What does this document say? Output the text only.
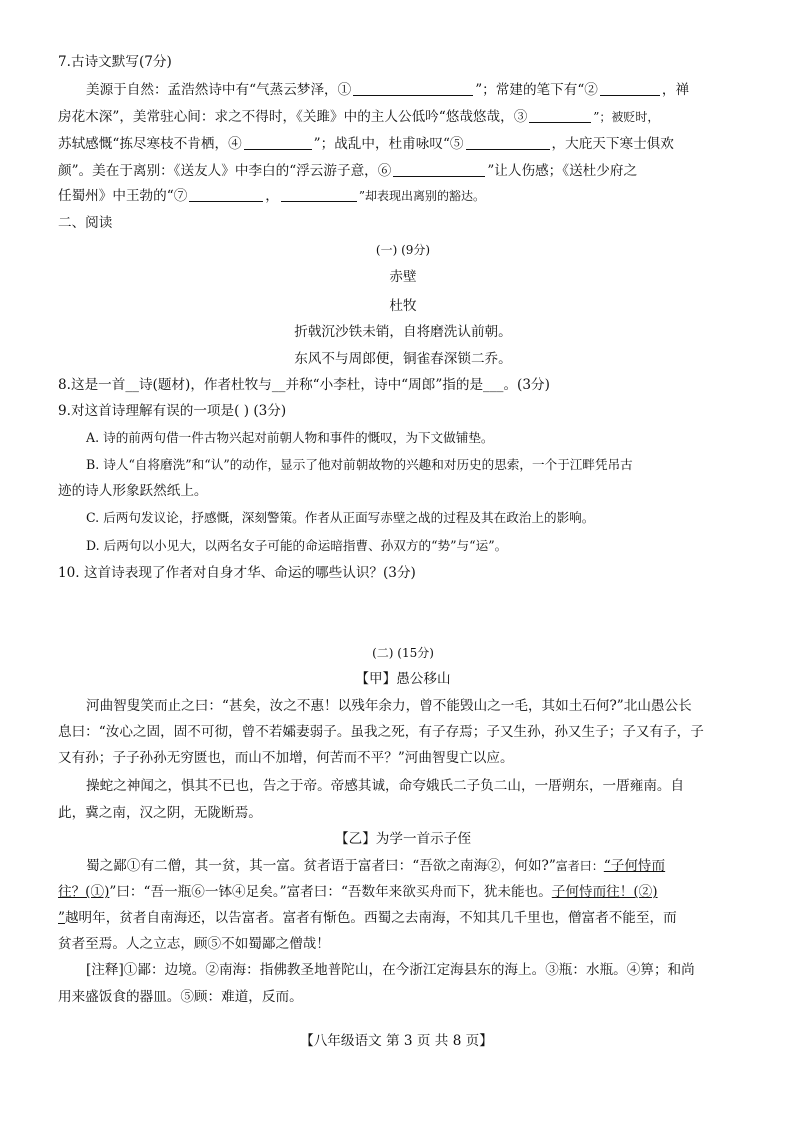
7.古诗文默写(7分)
美源于自然：孟浩然诗中有“气蒸云梦泽，①	”；常建的笔下有“②	，禅
房花木深”，美常驻心间：求之不得时，《关雎》中的主人公低吟“悠哉悠哉，③	”；被贬时，
苏轼感慨“拣尽寒枝不肯栖，④	”；战乱中，杜甫咏叹“⑤	，大庇天下寒士俱欢
颜”。美在于离别：《送友人》中李白的“浮云游子意，⑥	”让人伤感；《送杜少府之
任蜀州》中王勃的“⑦	，	”却表现出离别的豁达。
二、阅读
(一) (9分)
赤壁
杜牧
折戟沉沙铁未销，自将磨洗认前朝。
东风不与周郎便，铜雀春深锁二乔。
8.这是一首__诗(题材)，作者杜牧与__并称“小李杜，诗中“周郎”指的是___。(3分)
9.对这首诗理解有误的一项是( ) (3分)
A. 诗的前两句借一件古物兴起对前朝人物和事件的慨叹，为下文做铺垫。
B. 诗人“自将磨洗”和“认”的动作，显示了他对前朝故物的兴趣和对历史的思索，一个于江畔凭吊古
迹的诗人形象跃然纸上。
C. 后两句发议论，抒感慨，深刻警策。作者从正面写赤壁之战的过程及其在政治上的影响。
D. 后两句以小见大，以两名女子可能的命运暗指曹、孙双方的“势”与“运”。
10. 这首诗表现了作者对自身才华、命运的哪些认识？(3分)
(二) (15分)
【甲】愚公移山
河曲智叟笑而止之曰：“甚矣，汝之不惠！以残年余力，曾不能毁山之一毛，其如土石何?”北山愚公长
息曰：“汝心之固，固不可彻，曾不若孀妻弱子。虽我之死，有子存焉；子又生孙，孙又生子；子又有子，子
又有孙；子子孙孙无穷匮也，而山不加增，何苦而不平？”河曲智叟亡以应。
操蛇之神闻之，惧其不已也，告之于帝。帝感其诚，命夸娥氏二子负二山，一厝朔东，一厝雍南。自
此，冀之南，汉之阴，无陇断焉。
【乙】为学一首示子侄
蜀之鄙①有二僧，其一贫，其一富。贫者语于富者曰：“吾欲之南海②，何如?”富者曰：“子何恃而
往？(①)”曰：“吾一瓶⑥一钵④足矣。”富者曰：“吾数年来欲买舟而下，犹未能也。子何恃而往！(②)
”越明年，贫者自南海还，以告富者。富者有惭色。西蜀之去南海，不知其几千里也，僧富者不能至，而
贫者至焉。人之立志，顾⑤不如蜀鄙之僧哉！
[注释]①鄙：边境。②南海：指佛教圣地普陀山，在今浙江定海县东的海上。③瓶：水瓶。④箅；和尚
用来盛饭食的器皿。⑤顾：难道，反而。
【八年级语文 第 3 页 共 8 页】
